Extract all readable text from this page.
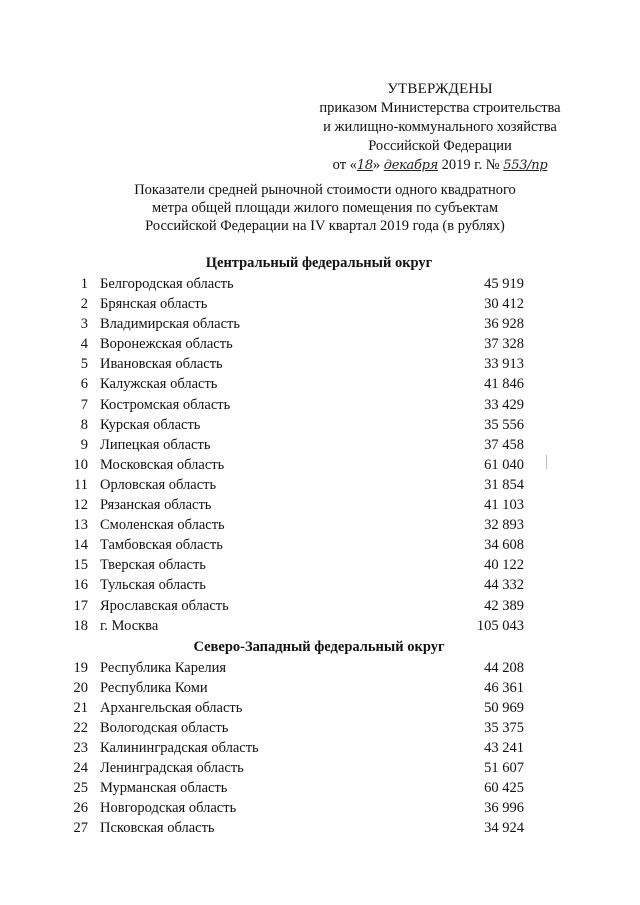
УТВЕРЖДЕНЫ
приказом Министерства строительства
и жилищно-коммунального хозяйства
Российской Федерации
от «18» декабря 2019 г. № 553/пр
Показатели средней рыночной стоимости одного квадратного
метра общей площади жилого помещения по субъектам
Российской Федерации на IV квартал 2019 года (в рублях)
Центральный федеральный округ
1 Белгородская область	45 919
2 Брянская область	30 412
3 Владимирская область	36 928
4 Воронежская область	37 328
5 Ивановская область	33 913
6 Калужская область	41 846
7 Костромская область	33 429
8 Курская область	35 556
9 Липецкая область	37 458
10 Московская область	61 040
11 Орловская область	31 854
12 Рязанская область	41 103
13 Смоленская область	32 893
14 Тамбовская область	34 608
15 Тверская область	40 122
16 Тульская область	44 332
17 Ярославская область	42 389
18 г. Москва	105 043
Северо-Западный федеральный округ
19 Республика Карелия	44 208
20 Республика Коми	46 361
21 Архангельская область	50 969
22 Вологодская область	35 375
23 Калининградская область	43 241
24 Ленинградская область	51 607
25 Мурманская область	60 425
26 Новгородская область	36 996
27 Псковская область	34 924
